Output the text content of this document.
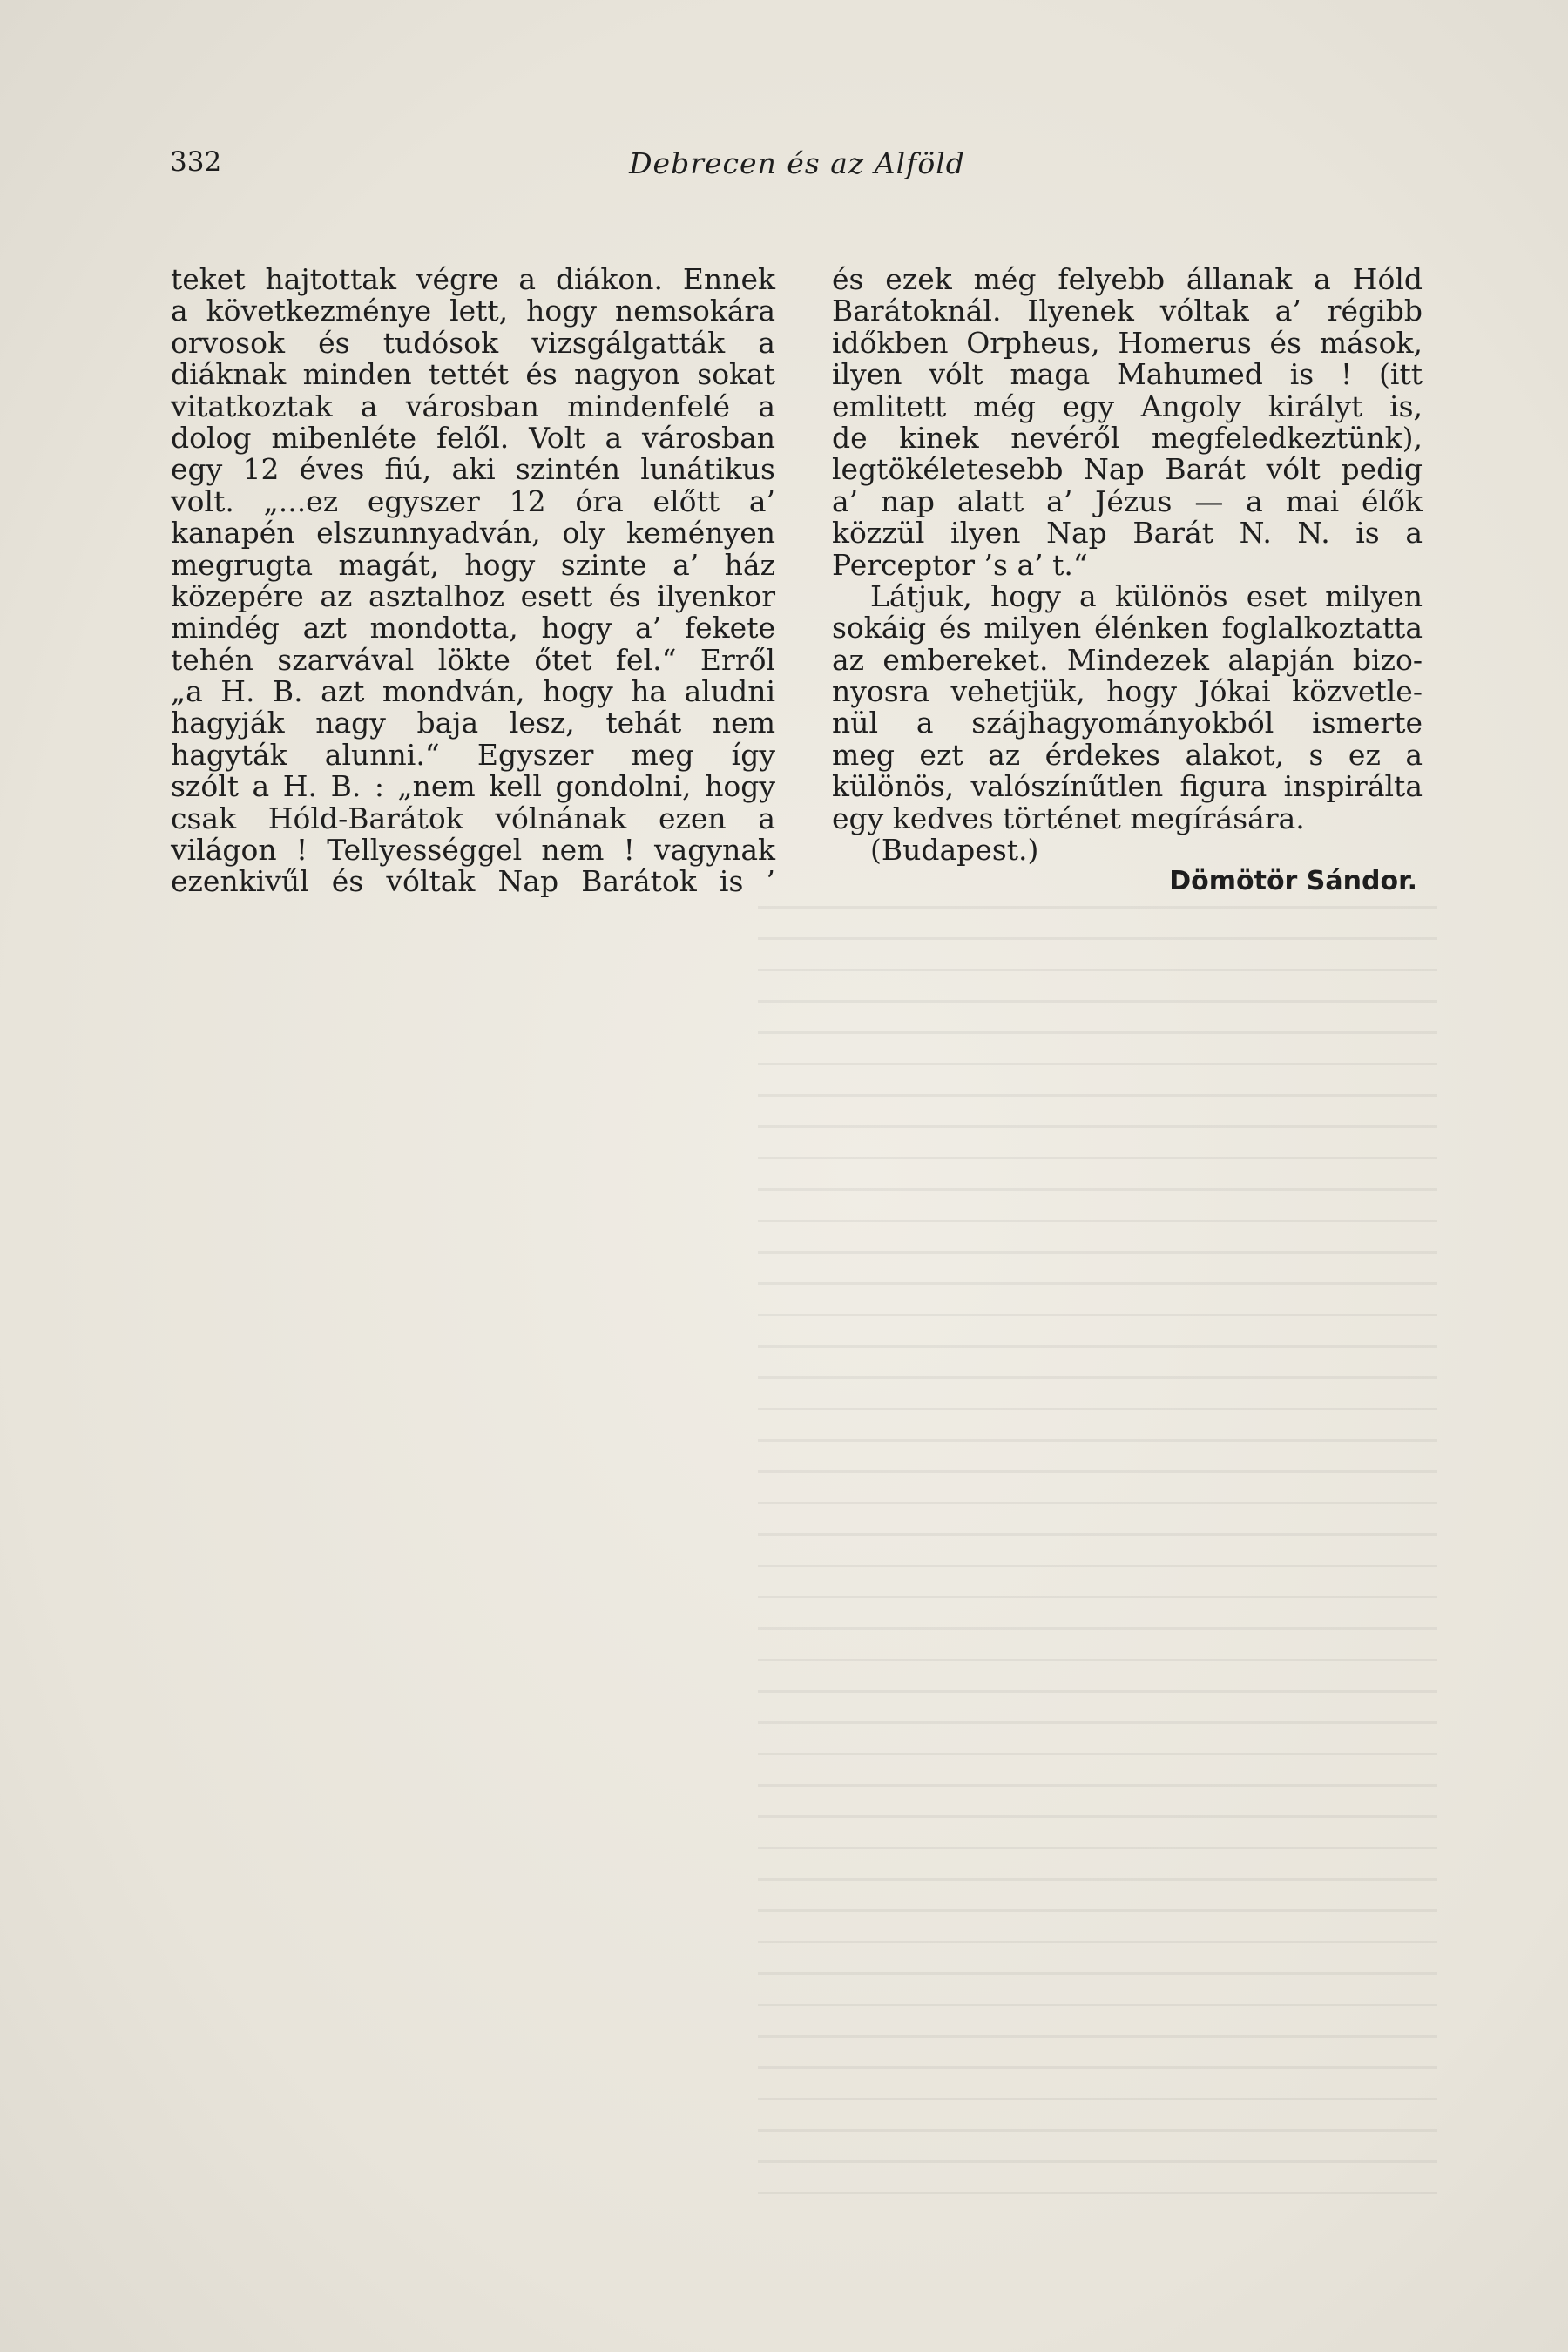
332	Debrecen és az Alföld
teket hajtottak végre a diákon. Ennek
a következménye lett, hogy nemsokára
orvosok és tudósok vizsgálgatták a
diáknak minden tettét és nagyon sokat
vitatkoztak a városban mindenfelé a
dolog mibenléte felől. Volt a városban
egy 12 éves fiú, aki szintén lunátikus
volt. „...ez egyszer 12 óra előtt a’
kanapén elszunnyadván, oly keményen
megrugta magát, hogy szinte a’ ház
közepére az asztalhoz esett és ilyenkor
mindég azt mondotta, hogy a’ fekete
tehén szarvával lökte őtet fel.“ Erről
„a H. B. azt mondván, hogy ha aludni
hagyják nagy baja lesz, tehát nem
hagyták alunni.“ Egyszer meg így
szólt a H. B. : „nem kell gondolni, hogy
csak Hóld-Barátok vólnának ezen a
világon ! Tellyességgel nem ! vagynak
ezenkivűl és vóltak Nap Barátok is ’
és ezek még felyebb állanak a Hóld
Barátoknál. Ilyenek vóltak a’ régibb
időkben Orpheus, Homerus és mások,
ilyen vólt maga Mahumed is ! (itt
emlitett még egy Angoly királyt is,
de kinek nevéről megfeledkeztünk),
legtökéletesebb Nap Barát vólt pedig
a’ nap alatt a’ Jézus — a mai élők
közzül ilyen Nap Barát N. N. is a
Perceptor ’s a’ t.“
Látjuk, hogy a különös eset milyen
sokáig és milyen élénken foglalkoztatta
az embereket. Mindezek alapján bizo-
nyosra vehetjük, hogy Jókai közvetle-
nül a szájhagyományokból ismerte
meg ezt az érdekes alakot, s ez a
különös, valószínűtlen figura inspirálta
egy kedves történet megírására.
(Budapest.)
Dömötör Sándor.
